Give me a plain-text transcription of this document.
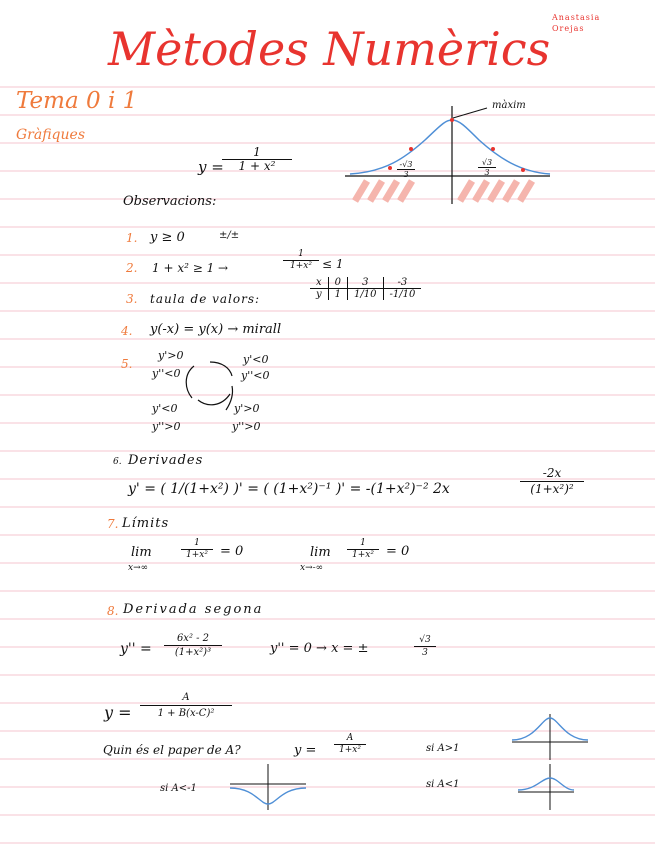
Anastasia Orejas
Mètodes Numèrics
Tema 0 i 1
Gràfiques
y =
1
1 + x²
màxim
-√3
3
√3
3
Observacions:
1. y ≥ 0	±/±
2. 1 + x² ≥ 1 →
1
1+x² ≤ 1
3. taula de valors:
x	0	3	-3
y	1	1/10	-1/10
4. y(-x) = y(x) → mirall
5.
y'>0
y''<0
y'<0
y''<0
y'<0
y''>0
y'>0
y''>0
6. Derivades
y' = ( 1/(1+x²) )' = ( (1+x²)⁻¹ )' = -(1+x²)⁻² 2x
-2x
(1+x²)²
7. Límits
lim
x→∞
1
1+x² = 0	lim
x→-∞
1
1+x² = 0
8. Derivada segona
y'' =
6x² - 2
(1+x²)³	y'' = 0 → x = ±
√3
3
y =
A
1 + B(x-C)²
Quin és el paper de A?	y =
A
1+x²	si A>1
si A<1
si A<-1
